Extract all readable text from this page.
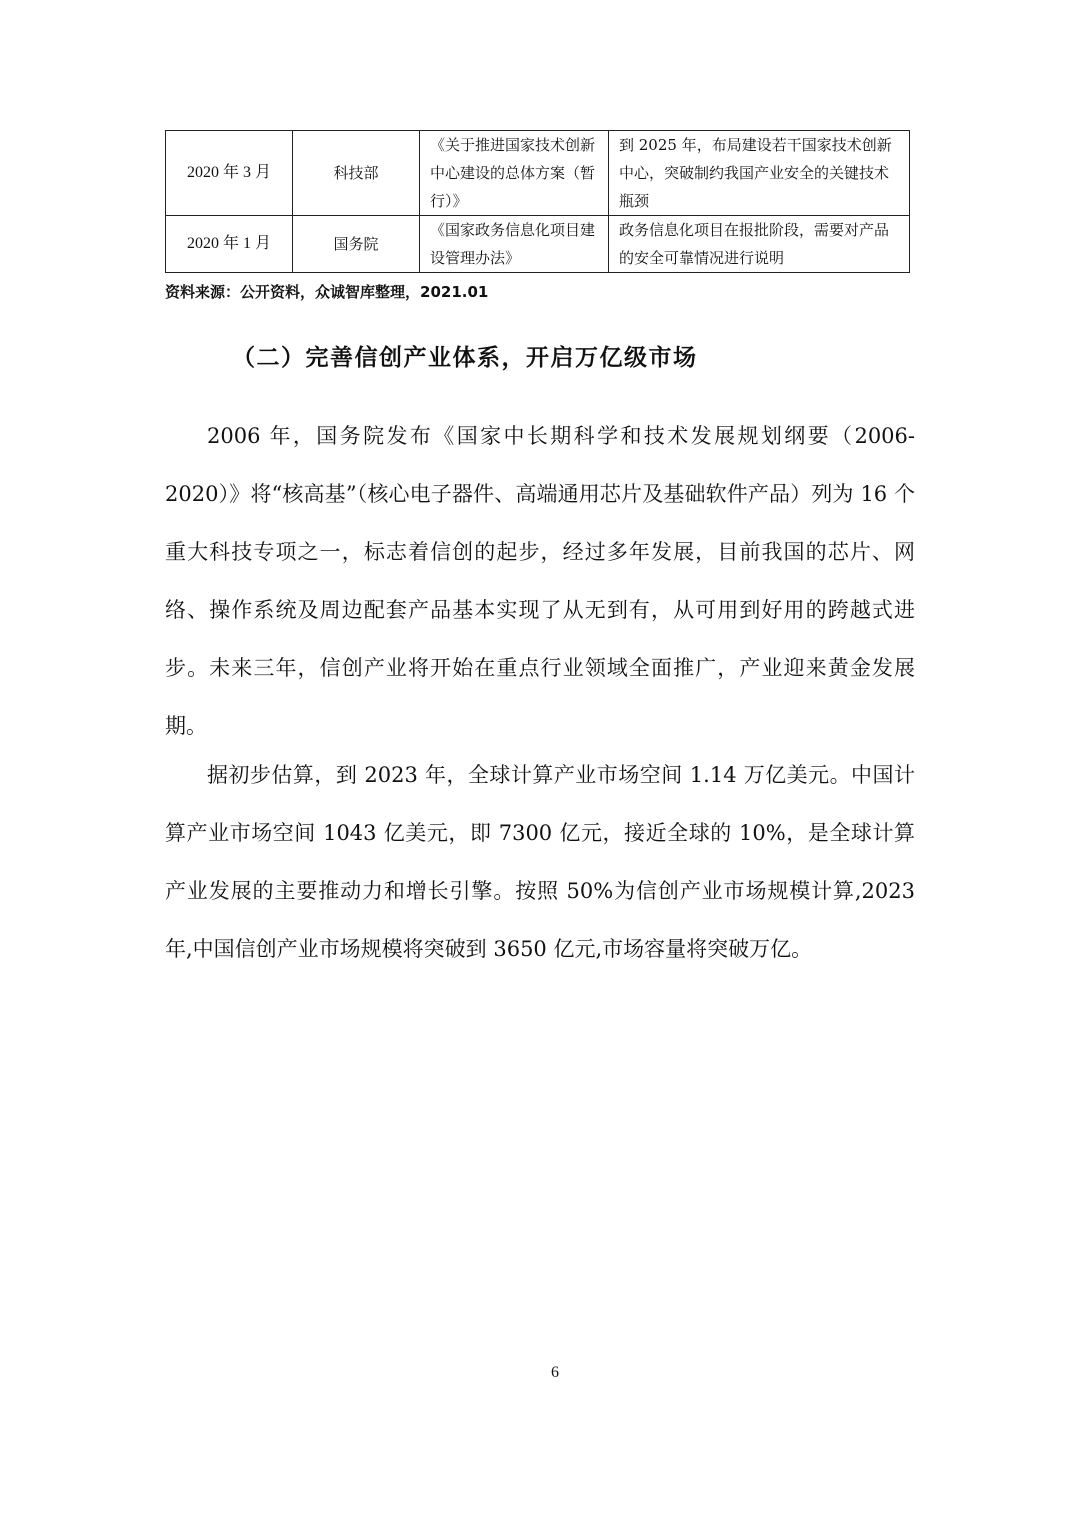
2020 年 3 月	科技部	《关于推进国家技术创新中心建设的总体方案（暂行）》	到 2025 年，布局建设若干国家技术创新中心，突破制约我国产业安全的关键技术瓶颈
2020 年 1 月	国务院	《国家政务信息化项目建设管理办法》	政务信息化项目在报批阶段，需要对产品的安全可靠情况进行说明
资料来源：公开资料，众诚智库整理，2021.01
（二）完善信创产业体系，开启万亿级市场

2006 年，国务院发布《国家中长期科学和技术发展规划纲要（2006-2020）》将“核高基”（核心电子器件、高端通用芯片及基础软件产品）列为 16 个重大科技专项之一，标志着信创的起步，经过多年发展，目前我国的芯片、网络、操作系统及周边配套产品基本实现了从无到有，从可用到好用的跨越式进步。未来三年，信创产业将开始在重点行业领域全面推广，产业迎来黄金发展期。

据初步估算，到 2023 年，全球计算产业市场空间 1.14 万亿美元。中国计算产业市场空间 1043 亿美元，即 7300 亿元，接近全球的 10%，是全球计算产业发展的主要推动力和增长引擎。按照 50%为信创产业市场规模计算,2023 年,中国信创产业市场规模将突破到 3650 亿元,市场容量将突破万亿。

6
